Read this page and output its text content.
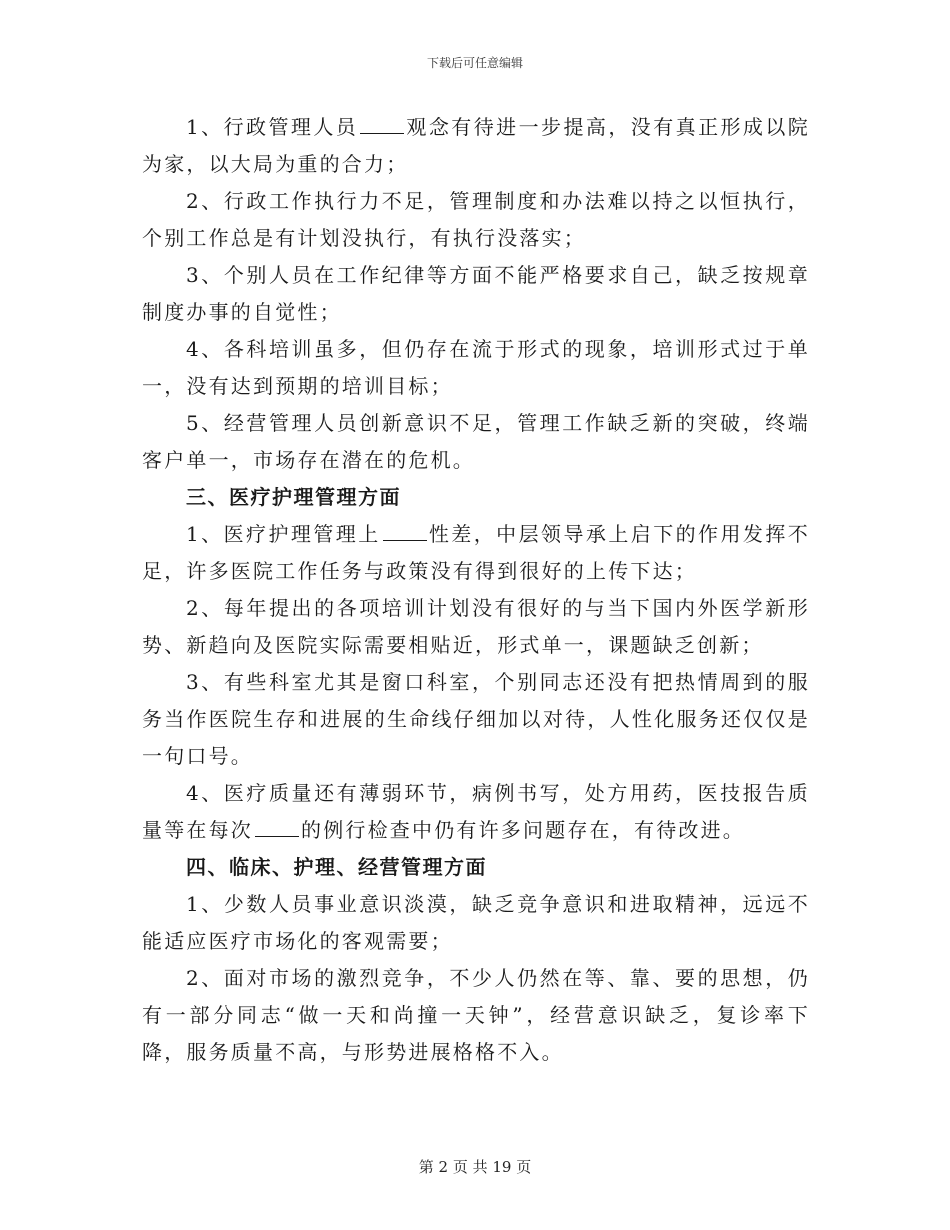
下载后可任意编辑

1、行政管理人员 观念有待进一步提高，没有真正形成以院为家，以大局为重的合力；

2、行政工作执行力不足，管理制度和办法难以持之以恒执行，个别工作总是有计划没执行，有执行没落实；

3、个别人员在工作纪律等方面不能严格要求自己，缺乏按规章制度办事的自觉性；

4、各科培训虽多，但仍存在流于形式的现象，培训形式过于单一，没有达到预期的培训目标；

5、经营管理人员创新意识不足，管理工作缺乏新的突破，终端客户单一，市场存在潜在的危机。

三、医疗护理管理方面

1、医疗护理管理上 性差，中层领导承上启下的作用发挥不足，许多医院工作任务与政策没有得到很好的上传下达；

2、每年提出的各项培训计划没有很好的与当下国内外医学新形势、新趋向及医院实际需要相贴近，形式单一，课题缺乏创新；

3、有些科室尤其是窗口科室，个别同志还没有把热情周到的服务当作医院生存和进展的生命线仔细加以对待，人性化服务还仅仅是一句口号。

4、医疗质量还有薄弱环节，病例书写，处方用药，医技报告质量等在每次 的例行检查中仍有许多问题存在，有待改进。

四、临床、护理、经营管理方面

1、少数人员事业意识淡漠，缺乏竞争意识和进取精神，远远不能适应医疗市场化的客观需要；

2、面对市场的激烈竞争，不少人仍然在等、靠、要的思想，仍有一部分同志“做一天和尚撞一天钟”，经营意识缺乏，复诊率下降，服务质量不高，与形势进展格格不入。

第 2 页 共 19 页
